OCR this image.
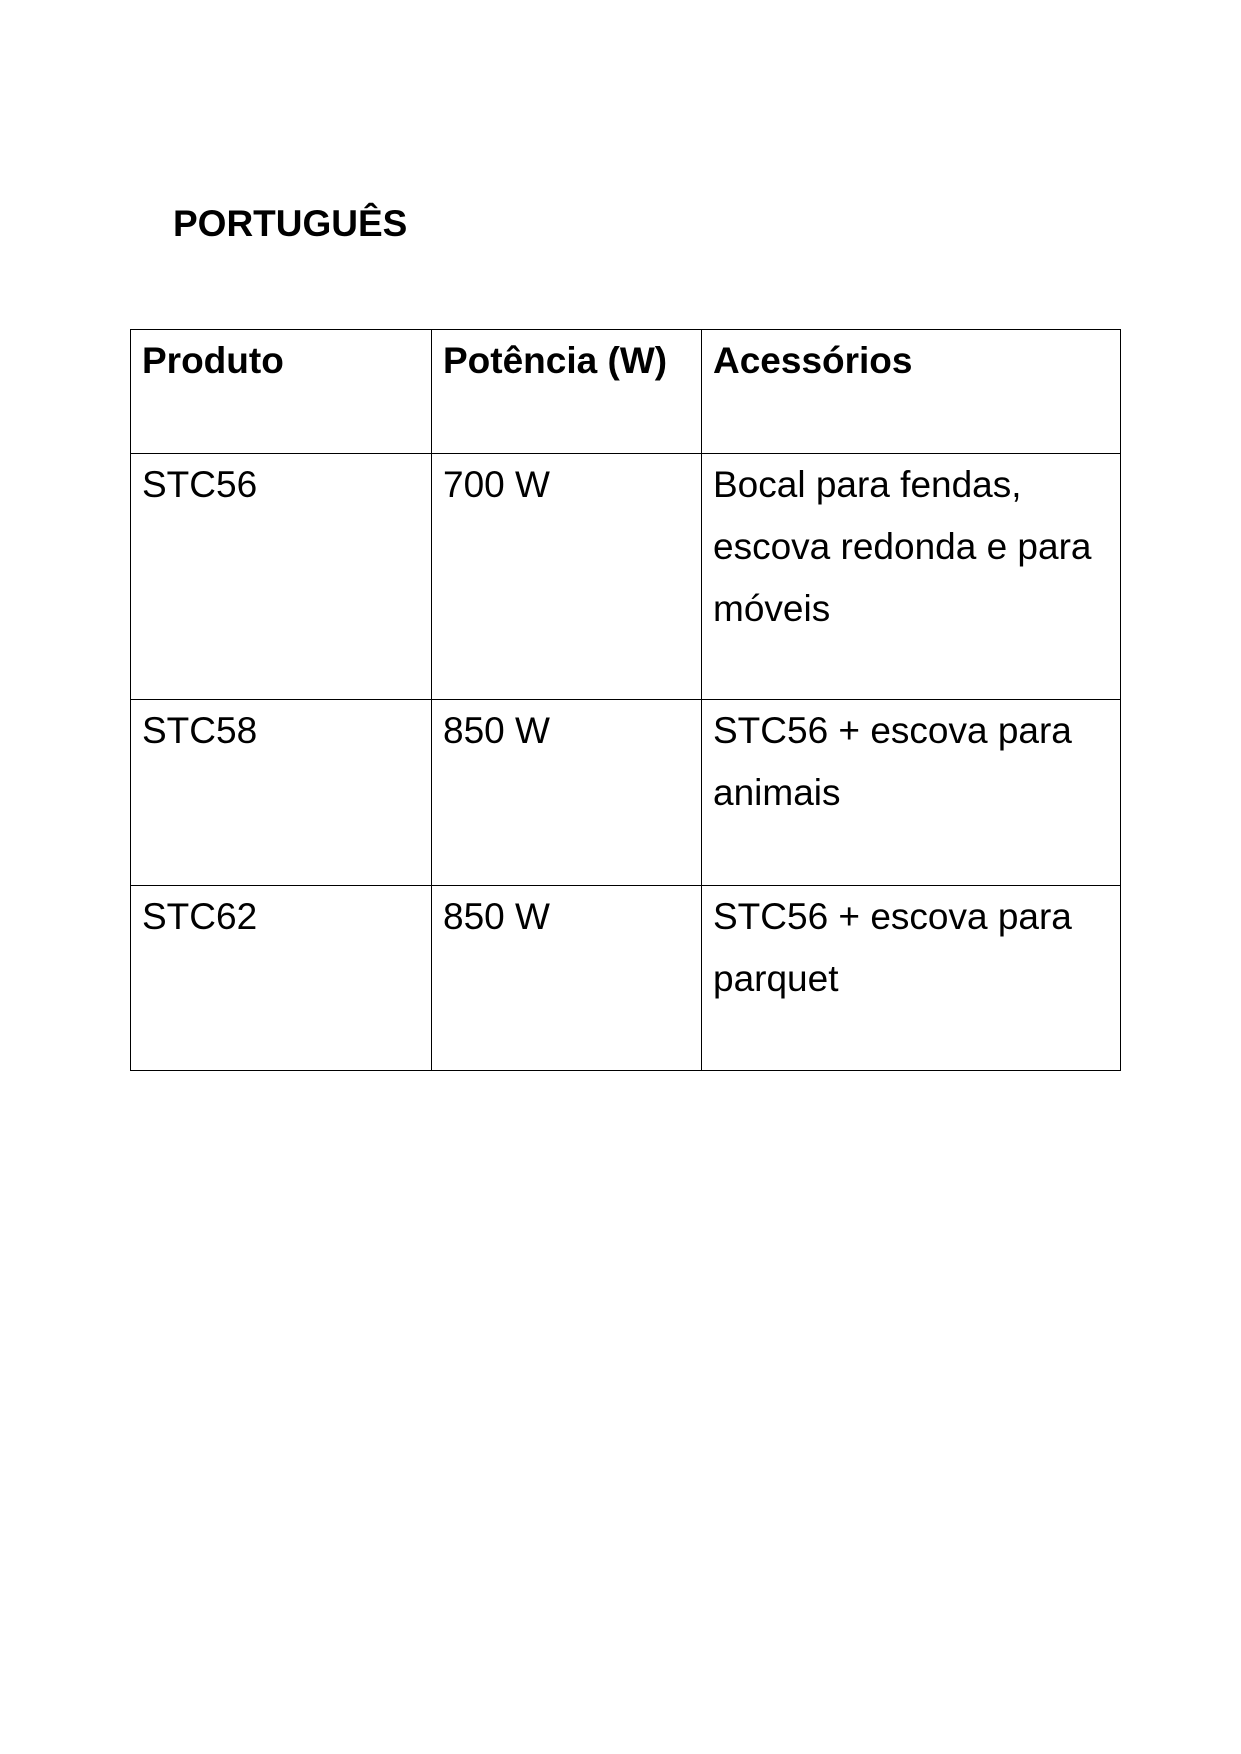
PORTUGUÊS
Produto	Potência (W)	Acessórios
STC56	700 W	Bocal para fendas, escova redonda e para móveis
STC58	850 W	STC56 + escova para animais
STC62	850 W	STC56 + escova para parquet
